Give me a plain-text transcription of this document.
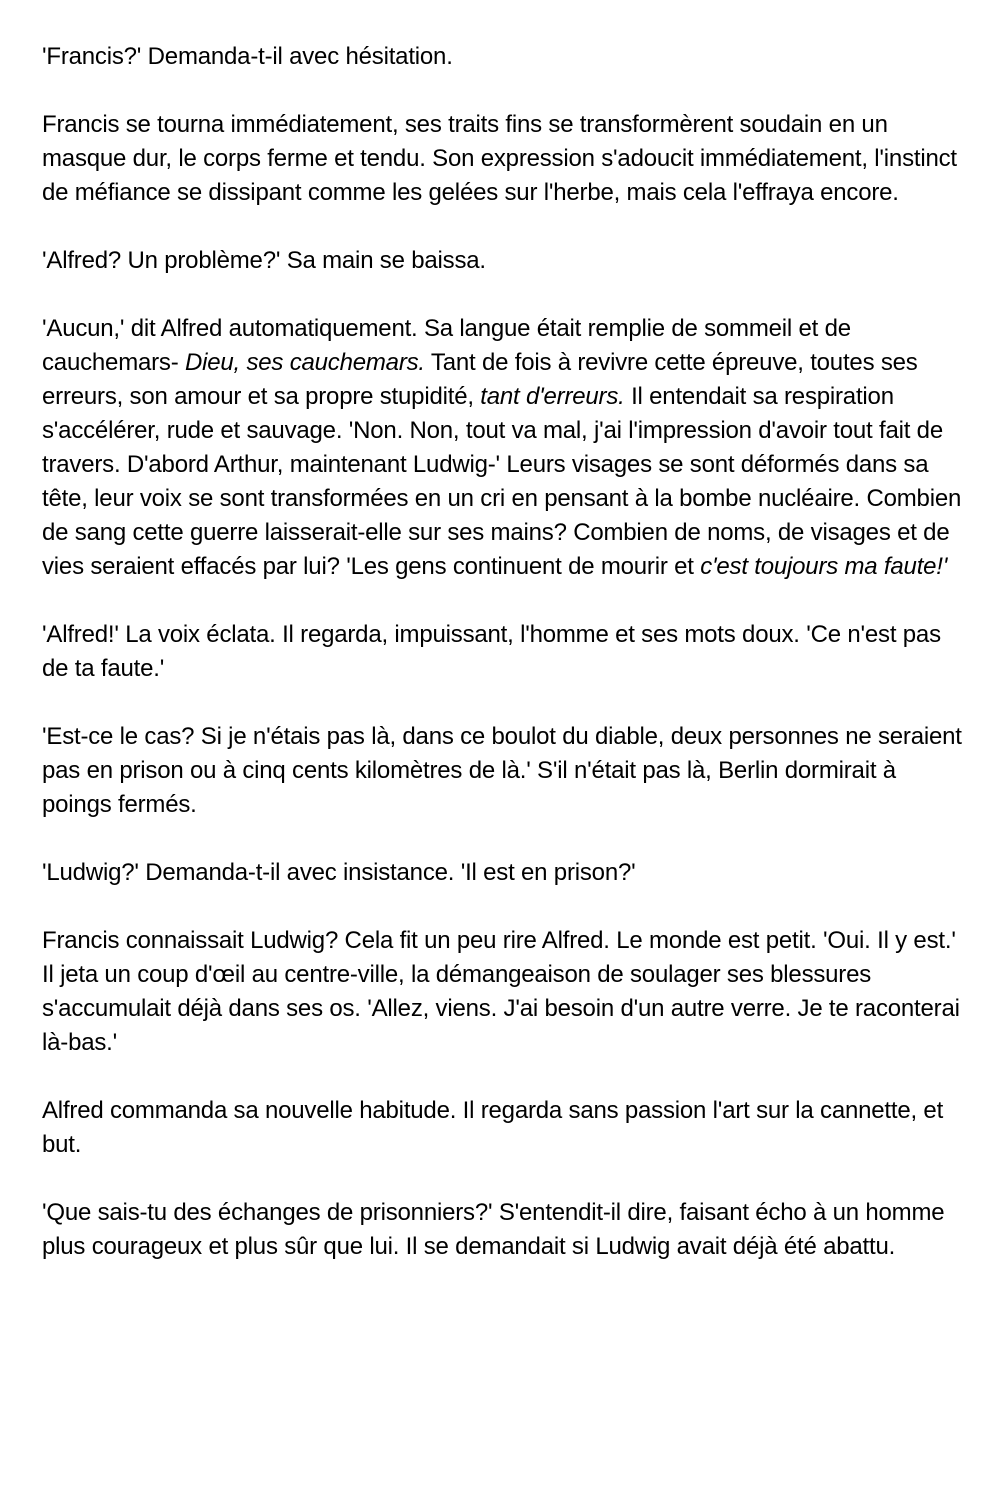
'Francis?' Demanda-t-il avec hésitation.

Francis se tourna immédiatement, ses traits fins se transformèrent soudain en un masque dur, le corps ferme et tendu. Son expression s'adoucit immédiatement, l'instinct de méfiance se dissipant comme les gelées sur l'herbe, mais cela l'effraya encore.

'Alfred? Un problème?' Sa main se baissa.

'Aucun,' dit Alfred automatiquement. Sa langue était remplie de sommeil et de cauchemars- Dieu, ses cauchemars. Tant de fois à revivre cette épreuve, toutes ses erreurs, son amour et sa propre stupidité, tant d'erreurs. Il entendait sa respiration s'accélérer, rude et sauvage. 'Non. Non, tout va mal, j'ai l'impression d'avoir tout fait de travers. D'abord Arthur, maintenant Ludwig-' Leurs visages se sont déformés dans sa tête, leur voix se sont transformées en un cri en pensant à la bombe nucléaire. Combien de sang cette guerre laisserait-elle sur ses mains? Combien de noms, de visages et de vies seraient effacés par lui? 'Les gens continuent de mourir et c'est toujours ma faute!'

'Alfred!' La voix éclata. Il regarda, impuissant, l'homme et ses mots doux. 'Ce n'est pas de ta faute.'

'Est-ce le cas? Si je n'étais pas là, dans ce boulot du diable, deux personnes ne seraient pas en prison ou à cinq cents kilomètres de là.' S'il n'était pas là, Berlin dormirait à poings fermés.

'Ludwig?' Demanda-t-il avec insistance. 'Il est en prison?'

Francis connaissait Ludwig? Cela fit un peu rire Alfred. Le monde est petit. 'Oui. Il y est.' Il jeta un coup d'œil au centre-ville, la démangeaison de soulager ses blessures s'accumulait déjà dans ses os. 'Allez, viens. J'ai besoin d'un autre verre. Je te raconterai là-bas.'

Alfred commanda sa nouvelle habitude. Il regarda sans passion l'art sur la cannette, et but.

'Que sais-tu des échanges de prisonniers?' S'entendit-il dire, faisant écho à un homme plus courageux et plus sûr que lui. Il se demandait si Ludwig avait déjà été abattu.
